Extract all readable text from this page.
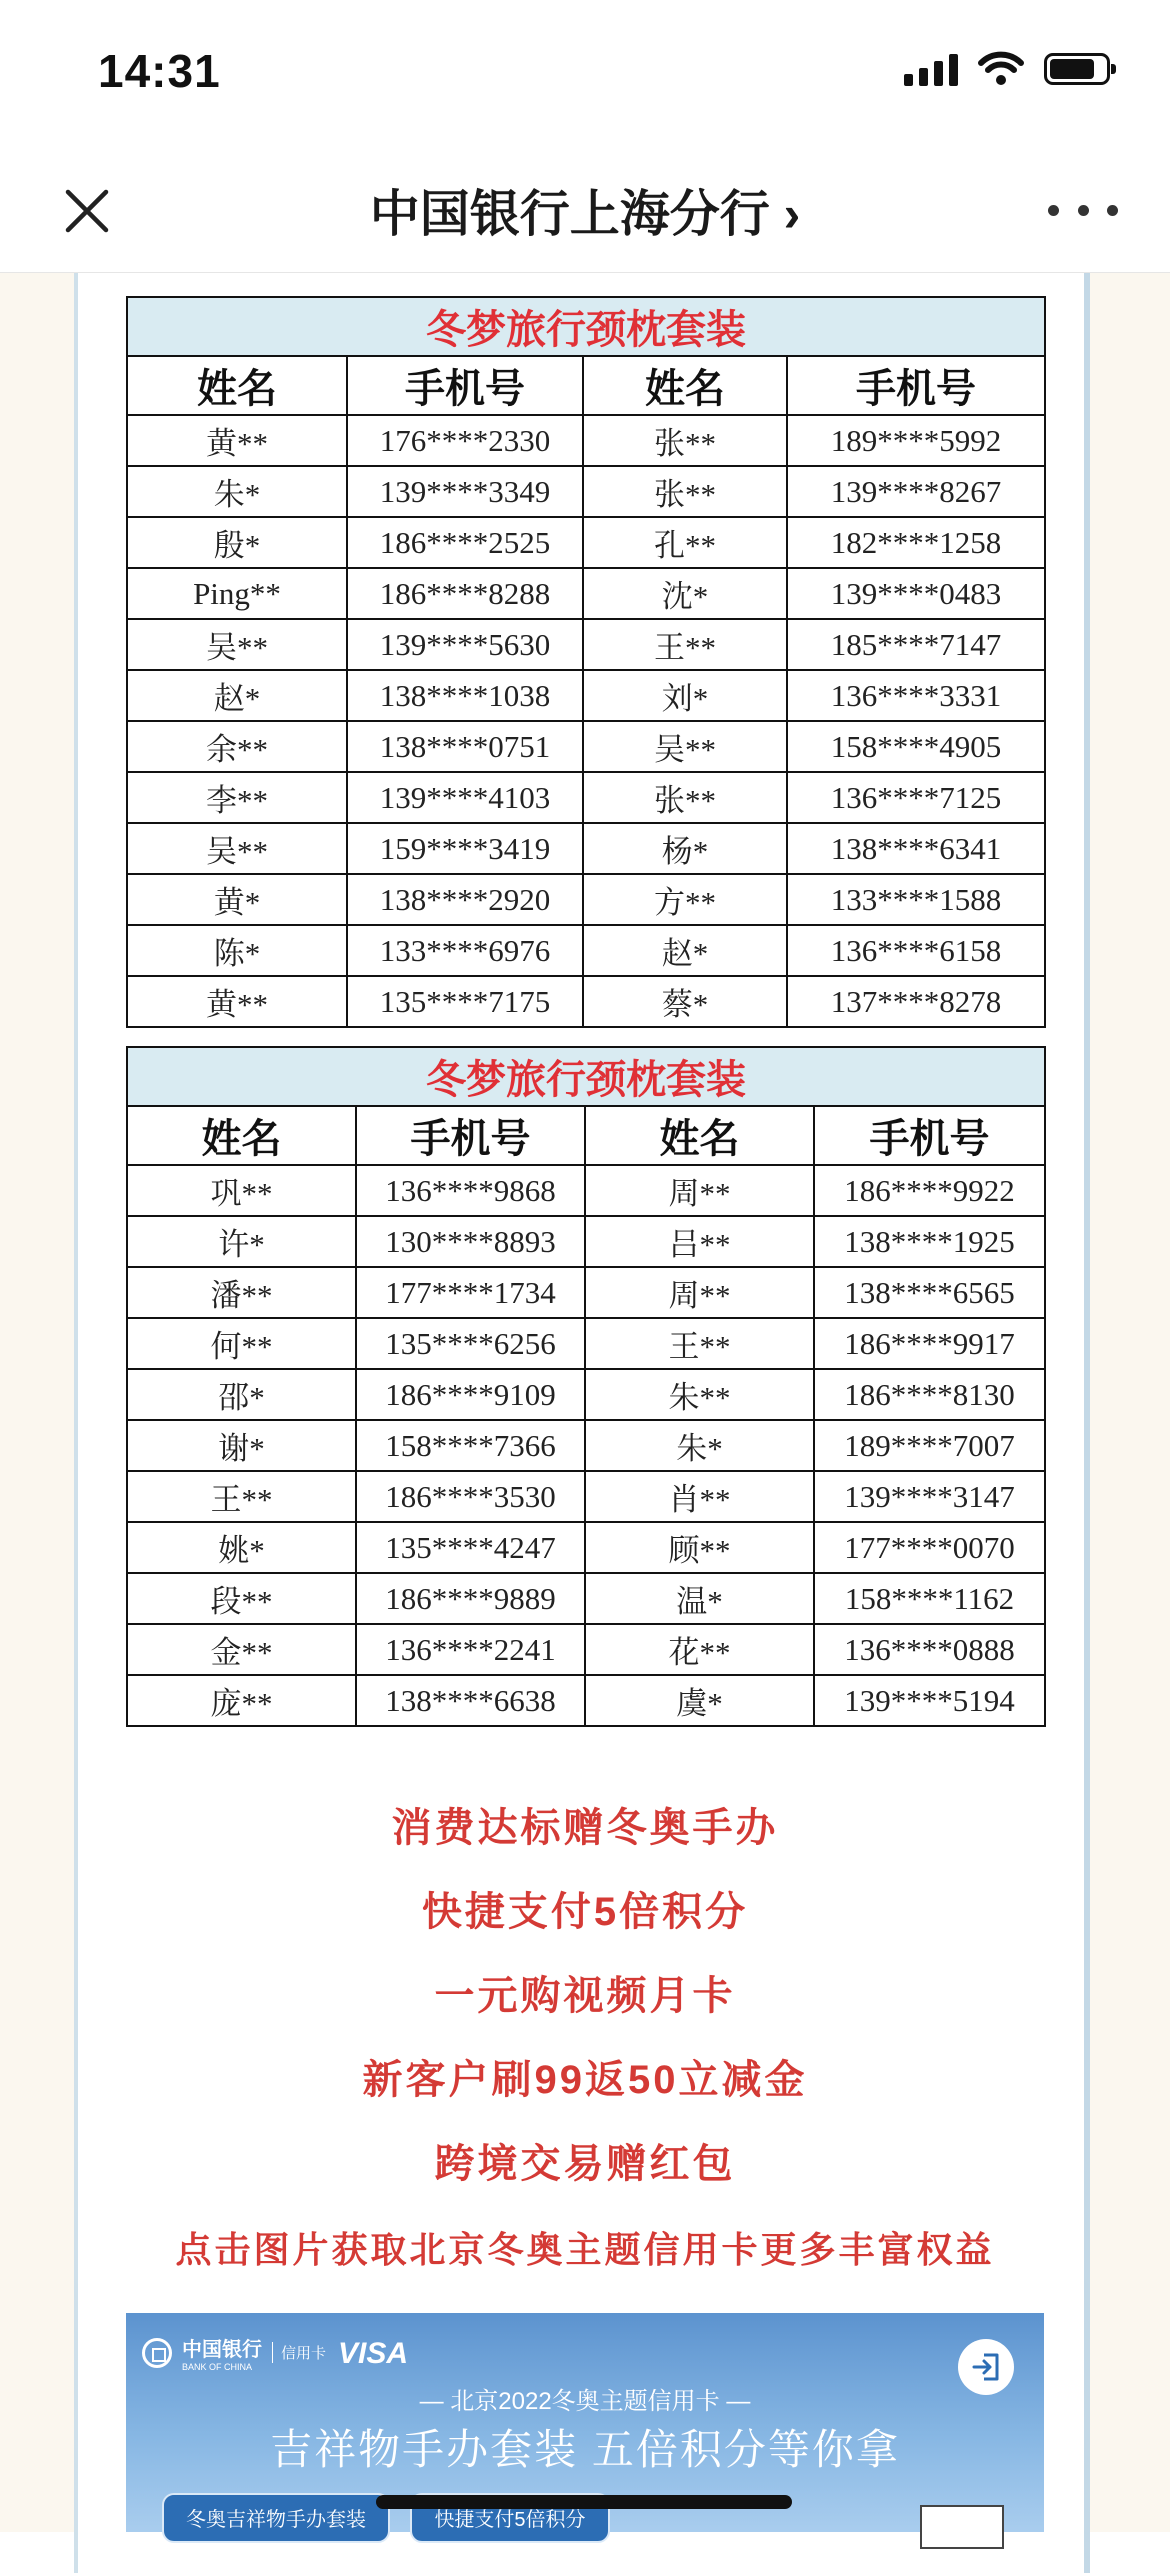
14:31
中国银行上海分行 ›
冬梦旅行颈枕套装			
姓名	手机号	姓名	手机号
黄**	176****2330	张**	189****5992
朱*	139****3349	张**	139****8267
殷*	186****2525	孔**	182****1258
Ping**	186****8288	沈*	139****0483
吴**	139****5630	王**	185****7147
赵*	138****1038	刘*	136****3331
余**	138****0751	吴**	158****4905
李**	139****4103	张**	136****7125
吴**	159****3419	杨*	138****6341
黄*	138****2920	方**	133****1588
陈*	133****6976	赵*	136****6158
黄**	135****7175	蔡*	137****8278
冬梦旅行颈枕套装			
姓名	手机号	姓名	手机号
巩**	136****9868	周**	186****9922
许*	130****8893	吕**	138****1925
潘**	177****1734	周**	138****6565
何**	135****6256	王**	186****9917
邵*	186****9109	朱**	186****8130
谢*	158****7366	朱*	189****7007
王**	186****3530	肖**	139****3147
姚*	135****4247	顾**	177****0070
段**	186****9889	温*	158****1162
金**	136****2241	花**	136****0888
庞**	138****6638	虞*	139****5194
消费达标赠冬奥手办
快捷支付5倍积分
一元购视频月卡
新客户刷99返50立减金
跨境交易赠红包
点击图片获取北京冬奥主题信用卡更多丰富权益
中国银行
BANK OF CHINA
信用卡 VISA
— 北京2022冬奥主题信用卡 —
吉祥物手办套装 五倍积分等你拿
冬奥吉祥物手办套装	快捷支付5倍积分
